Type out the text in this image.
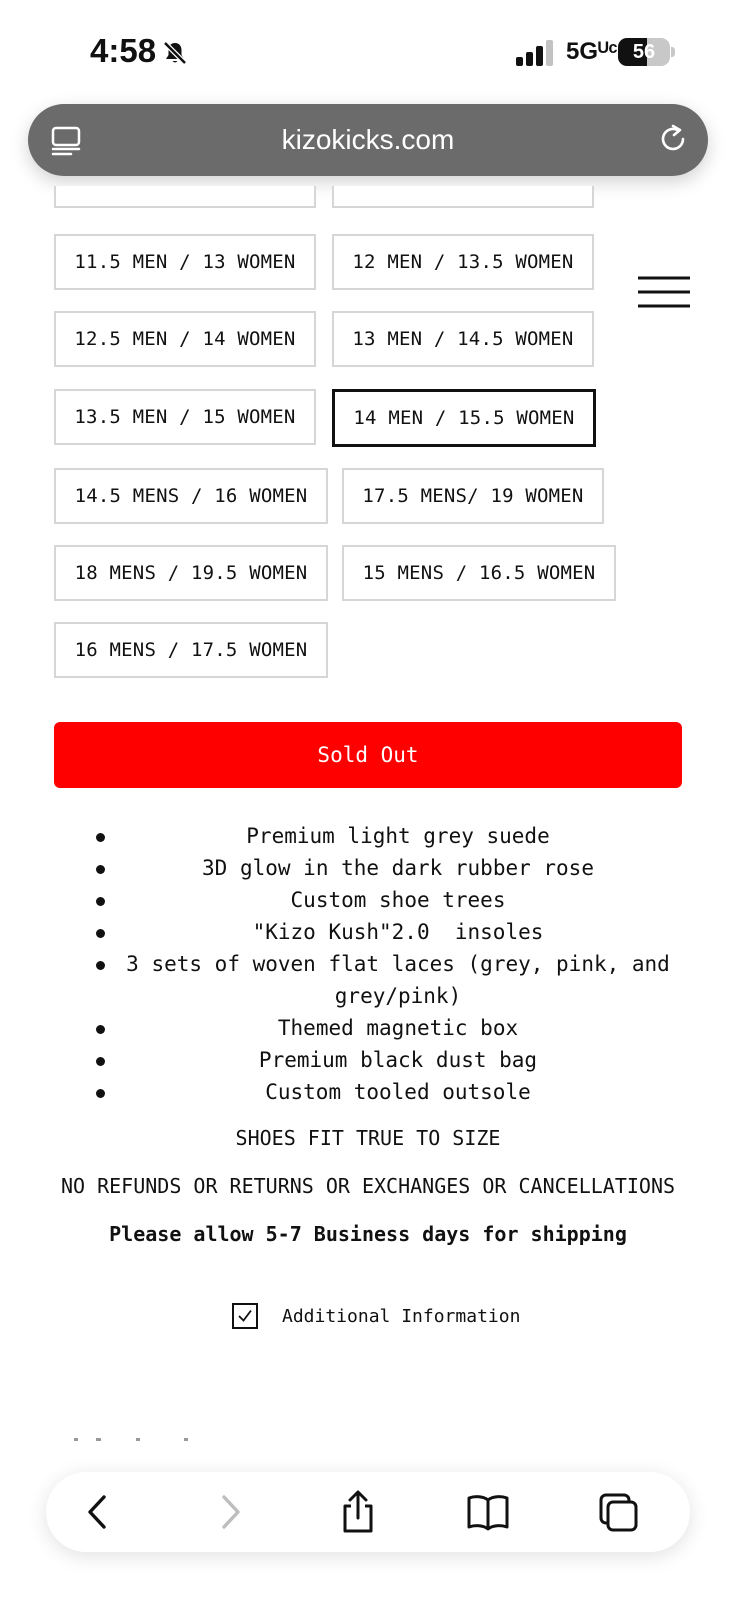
4:58	5Gᵁᶜ 56
kizokicks.com
11.5 MEN / 13 WOMEN	12 MEN / 13.5 WOMEN
12.5 MEN / 14 WOMEN	13 MEN / 14.5 WOMEN
13.5 MEN / 15 WOMEN	14 MEN / 15.5 WOMEN
14.5 MENS / 16 WOMEN	17.5 MENS/ 19 WOMEN
18 MENS / 19.5 WOMEN	15 MENS / 16.5 WOMEN
16 MENS / 17.5 WOMEN
Sold Out
Premium light grey suede
3D glow in the dark rubber rose
Custom shoe trees
"Kizo Kush"2.0  insoles
3 sets of woven flat laces (grey, pink, and grey/pink)
Themed magnetic box
Premium black dust bag
Custom tooled outsole
SHOES FIT TRUE TO SIZE
NO REFUNDS OR RETURNS OR EXCHANGES OR CANCELLATIONS
Please allow 5-7 Business days for shipping
Additional Information
